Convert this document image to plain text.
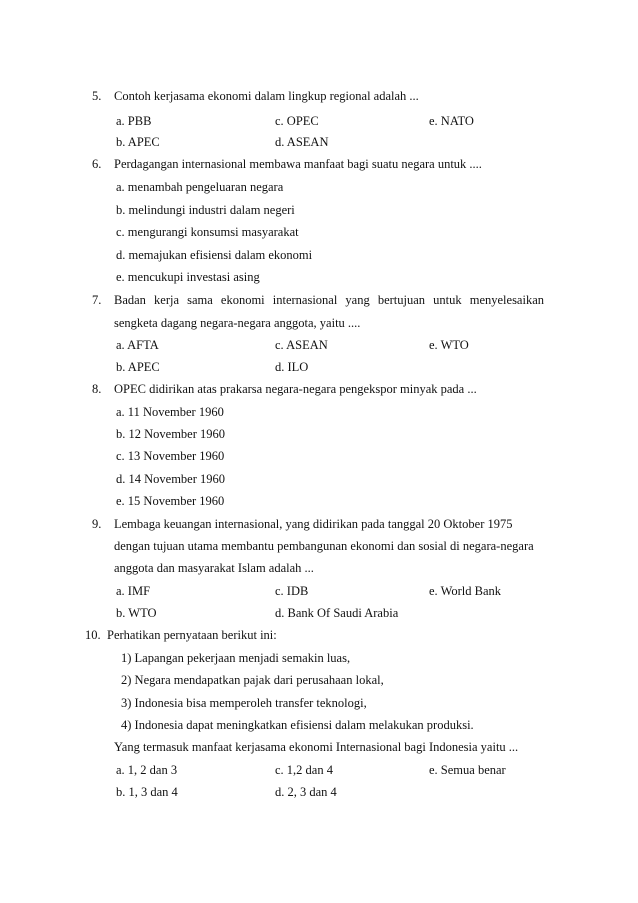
5. Contoh kerjasama ekonomi dalam lingkup regional adalah ...
a. PBB	c. OPEC	e. NATO
b. APEC	d. ASEAN
6. Perdagangan internasional membawa manfaat bagi suatu negara untuk ....
a. menambah pengeluaran negara
b. melindungi industri dalam negeri
c. mengurangi konsumsi masyarakat
d. memajukan efisiensi dalam ekonomi
e. mencukupi investasi asing
7. Badan kerja sama ekonomi internasional yang bertujuan untuk menyelesaikan
sengketa dagang negara-negara anggota, yaitu ....
a. AFTA	c. ASEAN	e. WTO
b. APEC	d. ILO
8. OPEC didirikan atas prakarsa negara-negara pengekspor minyak pada ...
a. 11 November 1960
b. 12 November 1960
c. 13 November 1960
d. 14 November 1960
e. 15 November 1960
9. Lembaga keuangan internasional, yang didirikan pada tanggal 20 Oktober 1975
dengan tujuan utama membantu pembangunan ekonomi dan sosial di negara-negara
anggota dan masyarakat Islam adalah ...
a. IMF	c. IDB	e. World Bank
b. WTO	d. Bank Of Saudi Arabia
10. Perhatikan pernyataan berikut ini:
1) Lapangan pekerjaan menjadi semakin luas,
2) Negara mendapatkan pajak dari perusahaan lokal,
3) Indonesia bisa memperoleh transfer teknologi,
4) Indonesia dapat meningkatkan efisiensi dalam melakukan produksi.
Yang termasuk manfaat kerjasama ekonomi Internasional bagi Indonesia yaitu ...
a. 1, 2 dan 3	c. 1,2 dan 4	e. Semua benar
b. 1, 3 dan 4	d. 2, 3 dan 4
